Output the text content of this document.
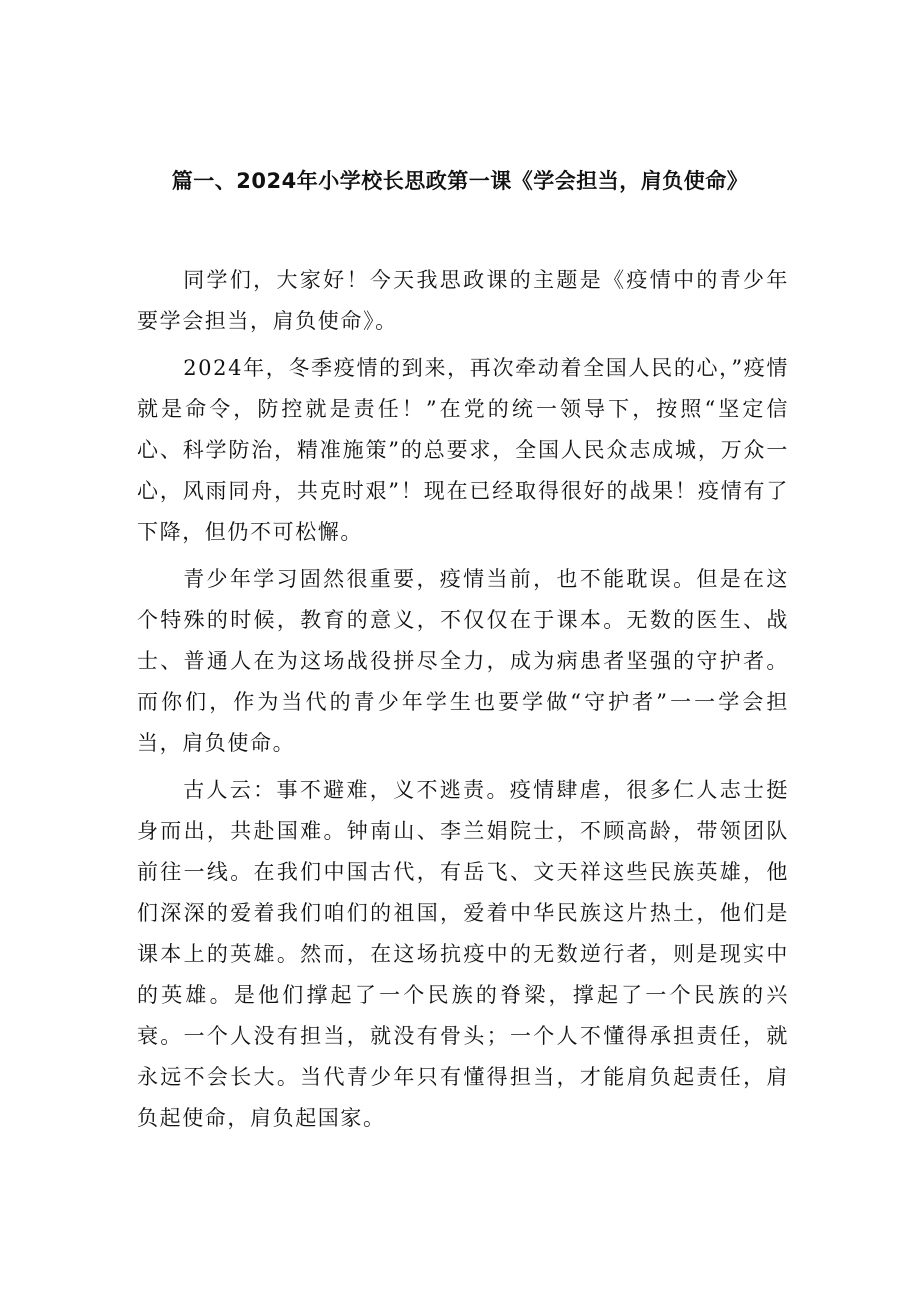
篇一、2024年小学校长思政第一课《学会担当，肩负使命》

同学们，大家好！今天我思政课的主题是《疫情中的青少年要学会担当，肩负使命》。

2024年，冬季疫情的到来，再次牵动着全国人民的心，”疫情就是命令，防控就是责任！”在党的统一领导下，按照“坚定信心、科学防治，精准施策”的总要求，全国人民众志成城，万众一心，风雨同舟，共克时艰”！现在已经取得很好的战果！疫情有了下降，但仍不可松懈。

青少年学习固然很重要，疫情当前，也不能耽误。但是在这个特殊的时候，教育的意义，不仅仅在于课本。无数的医生、战士、普通人在为这场战役拼尽全力，成为病患者坚强的守护者。而你们，作为当代的青少年学生也要学做“守护者”一一学会担当，肩负使命。

古人云：事不避难，义不逃责。疫情肆虐，很多仁人志士挺身而出，共赴国难。钟南山、李兰娟院士，不顾高龄，带领团队前往一线。在我们中国古代，有岳飞、文天祥这些民族英雄，他们深深的爱着我们咱们的祖国，爱着中华民族这片热土，他们是课本上的英雄。然而，在这场抗疫中的无数逆行者，则是现实中的英雄。是他们撑起了一个民族的脊梁，撑起了一个民族的兴衰。一个人没有担当，就没有骨头；一个人不懂得承担责任，就永远不会长大。当代青少年只有懂得担当，才能肩负起责任，肩负起使命，肩负起国家。
